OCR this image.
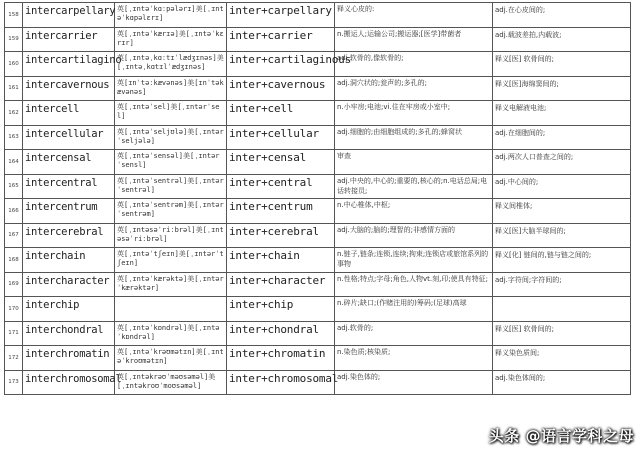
158	intercarpellary	英[ˌɪntəˈkɑːpələrɪ]美[ˌɪntəˈkɑpəlɛrɪ]	inter+carpellary	释义心皮的:	adj.在心皮间的;
159	intercarrier	英[ˌɪntəˈkærɪə]美[ˌɪntəˈkɛrɪr]	inter+carrier	n.搬运人;运输公司;搬运器;[医学]带菌者	adj.载波差拍,内载波;
160	intercartilagino	英[ˌɪntəˌkɑːtɪˈlædʒɪnəs]美[ˌɪntəˌkɑtɪlˈædʒɪnəs]	inter+cartilaginous	adj.软骨的,像软骨的;	释义[医] 软骨间的;
161	intercavernous	英[ɪnˈtəːkævənəs]美[ɪnˈtəkævənəs]	inter+cavernous	adj.洞穴状的;瓮声的;多孔的;	释义[医]海绵窦间的;
162	intercell	英[ˌɪntəˈsel]美[ˌɪntərˈsel]	inter+cell	n.小牢房;电池;vi.住在牢房或小室中;	释义电解液电池;
163	intercellular	英[ˌɪntəˈseljʊlə]美[ˌɪntərˈseljələ]	inter+cellular	adj.细胞的;由细胞组成的;多孔的;蜂窝状	adj.在细胞间的;
164	intercensal	英[ˌɪntəˈsensəl]美[ˌɪntərˈsensl]	inter+censal	审查	adj.两次人口普查之间的;
165	intercentral	英[ˌɪntəˈsentrəl]美[ˌɪntərˈsentrəl]	inter+central	adj.中央的,中心的;重要的,核心的;n.电话总局;电话转接员;	adj.中心间的;
166	intercentrum	英[ˌɪntəˈsentrəm]美[ˌɪntərˈsentrəm]	inter+centrum	n.中心椎体,中枢;	释义间椎体;
167	intercerebral	英[ˌɪntəsəˈriːbrəl]美[ˌɪntəsəˈriːbrəl]	inter+cerebral	adj.大脑的;脑的;理智的;非感情方面的	释义[医]大脑半球间的;
168	interchain	英[ˌɪntəˈtʃeɪn]美[ˌɪntərˈtʃeɪn]	inter+chain	n.链子,链条;连锁,连续;拘束;连锁店或旅馆系列的事物	释义[化] 链间的,链与链之间的;
169	intercharacter	英[ˌɪntəˈkærəktə]美[ˌɪntərˈkærəktər]	inter+character	n.性格;特点;字母;角色,人物vt.刻,印;使具有特征;	adj.字符间;字符间的;
170	interchip		inter+chip	n.碎片;缺口;(作赌注用的)筹码;(足球)高球	
171	interchondral	英[ˌɪntəˈkɒndrəl]美[ˌɪntəˈkɒndrəl]	inter+chondral	adj.软骨的;	释义[医] 软骨间的;
172	interchromatin	英[ˌɪntəˈkrəʊmətɪn]美[ˌɪntəˈkroʊmətɪn]	inter+chromatin	n.染色质;核染质;	释义染色质间;
173	interchromosomal	英[ˌɪntəkrəʊˈməʊsəməl]美[ˌɪntəkroʊˈmoʊsəməl]	inter+chromosomal	adj.染色体的;	adj.染色体间的;
头条 @语言学科之母
